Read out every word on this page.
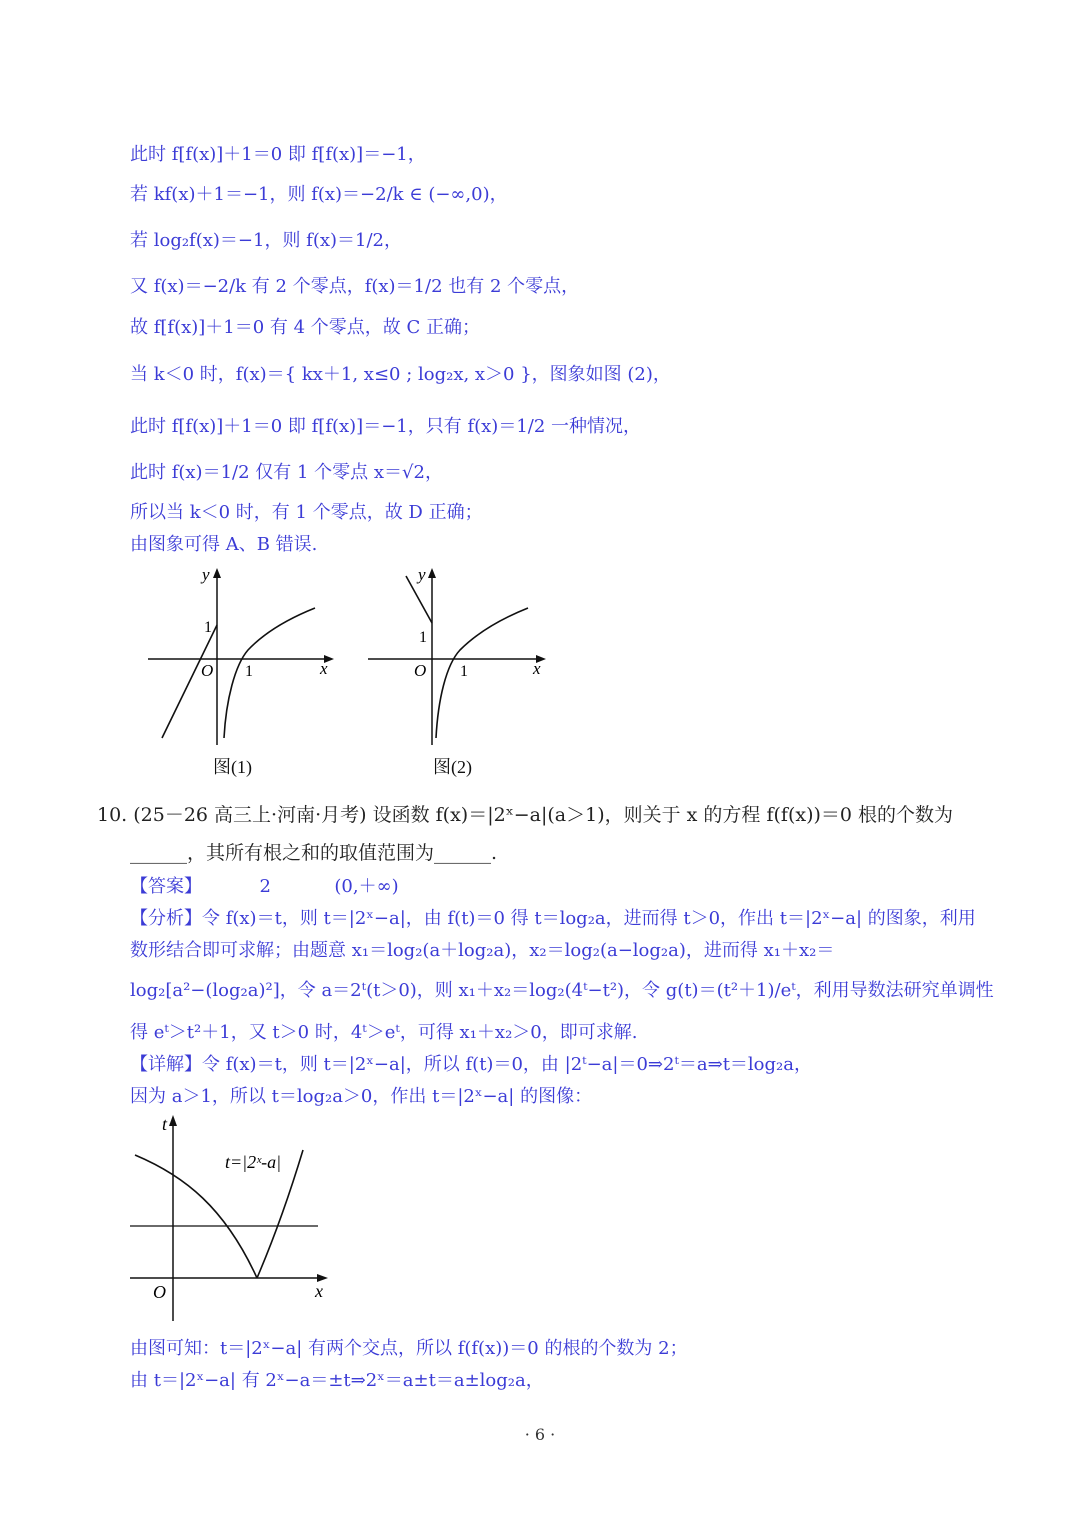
此时 f[f(x)]＋1＝0 即 f[f(x)]＝−1，
若 kf(x)＋1＝−1，则 f(x)＝−2/k ∈ (−∞,0)，
若 log₂f(x)＝−1，则 f(x)＝1/2，
又 f(x)＝−2/k 有 2 个零点，f(x)＝1/2 也有 2 个零点，
故 f[f(x)]＋1＝0 有 4 个零点，故 C 正确；
当 k＜0 时，f(x)＝{ kx＋1, x≤0 ; log₂x, x＞0 }，图象如图 (2)，
此时 f[f(x)]＋1＝0 即 f[f(x)]＝−1，只有 f(x)＝1/2 一种情况，
此时 f(x)＝1/2 仅有 1 个零点 x＝√2，
所以当 k＜0 时，有 1 个零点，故 D 正确；
由图象可得 A、B 错误.
y
x
O
1
1
图(1)
y
x
O
1
1
图(2)
10. (25－26 高三上·河南·月考) 设函数 f(x)＝|2ˣ−a|(a＞1)，则关于 x 的方程 f(f(x))＝0 根的个数为
______，其所有根之和的取值范围为______.
【答案】	2	(0,＋∞)
【分析】令 f(x)＝t，则 t＝|2ˣ−a|，由 f(t)＝0 得 t＝log₂a，进而得 t＞0，作出 t＝|2ˣ−a| 的图象，利用
数形结合即可求解；由题意 x₁＝log₂(a＋log₂a)，x₂＝log₂(a−log₂a)，进而得 x₁＋x₂＝
log₂[a²−(log₂a)²]，令 a＝2ᵗ(t＞0)，则 x₁＋x₂＝log₂(4ᵗ−t²)，令 g(t)＝(t²＋1)/eᵗ，利用导数法研究单调性
得 eᵗ＞t²＋1，又 t＞0 时，4ᵗ＞eᵗ，可得 x₁＋x₂＞0，即可求解.
【详解】令 f(x)＝t，则 t＝|2ˣ−a|，所以 f(t)＝0，由 |2ᵗ−a|＝0⇒2ᵗ＝a⇒t＝log₂a，
因为 a＞1，所以 t＝log₂a＞0，作出 t＝|2ˣ−a| 的图像：
t
x
O
t=|2ˣ-a|
由图可知：t＝|2ˣ−a| 有两个交点，所以 f(f(x))＝0 的根的个数为 2；
由 t＝|2ˣ−a| 有 2ˣ−a＝±t⇒2ˣ＝a±t＝a±log₂a，
· 6 ·
